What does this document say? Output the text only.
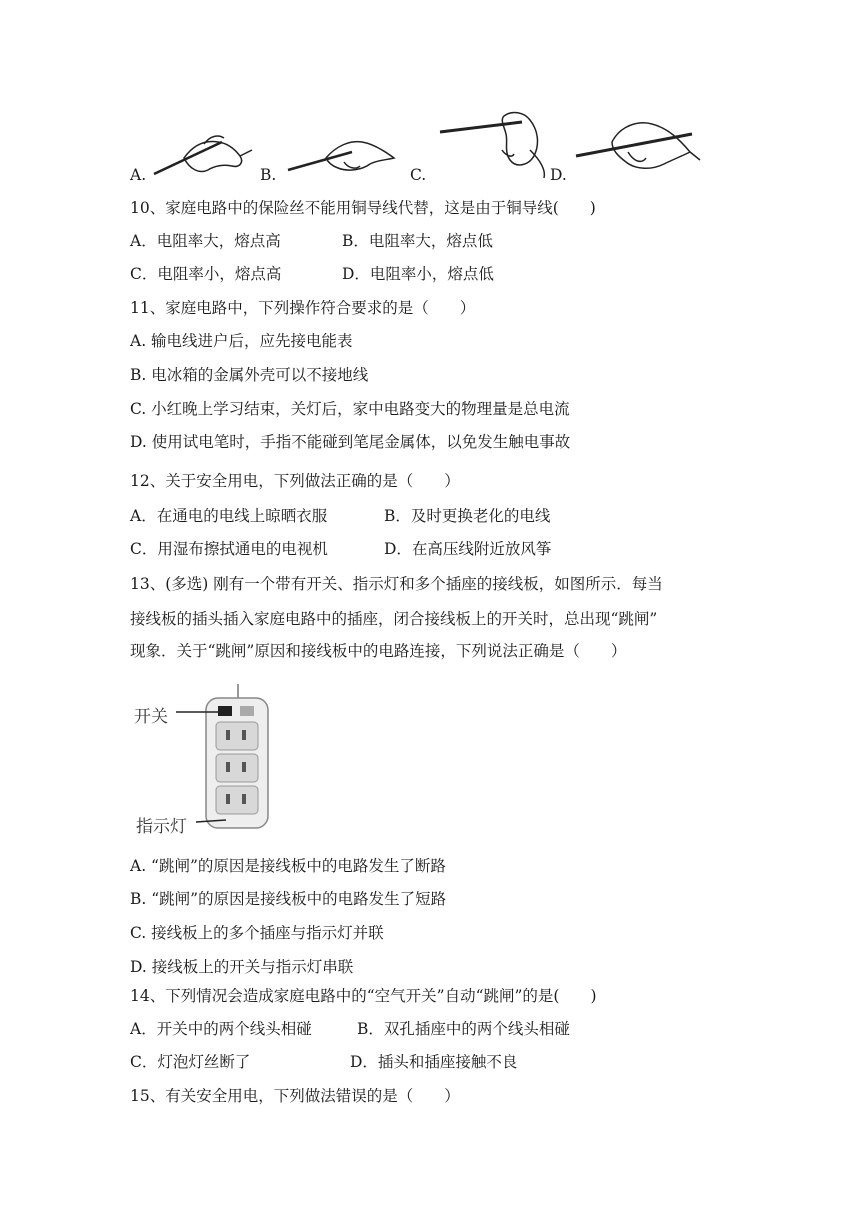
A.	B.	C.	D.
10、家庭电路中的保险丝不能用铜导线代替，这是由于铜导线(　　)
A．电阻率大，熔点高	B．电阻率大，熔点低
C．电阻率小，熔点高	D．电阻率小，熔点低
11、家庭电路中，下列操作符合要求的是（　　）
A. 输电线进户后，应先接电能表
B. 电冰箱的金属外壳可以不接地线
C. 小红晚上学习结束，关灯后，家中电路变大的物理量是总电流
D. 使用试电笔时，手指不能碰到笔尾金属体，以免发生触电事故
12、关于安全用电，下列做法正确的是（　　）
A．在通电的电线上晾晒衣服	B．及时更换老化的电线
C．用湿布擦拭通电的电视机	D．在高压线附近放风筝
13、(多选) 刚有一个带有开关、指示灯和多个插座的接线板，如图所示．每当
接线板的插头插入家庭电路中的插座，闭合接线板上的开关时，总出现“跳闸”
现象．关于“跳闸”原因和接线板中的电路连接，下列说法正确是（　　）
开关
指示灯
A. “跳闸”的原因是接线板中的电路发生了断路
B. “跳闸”的原因是接线板中的电路发生了短路
C. 接线板上的多个插座与指示灯并联
D. 接线板上的开关与指示灯串联
14、下列情况会造成家庭电路中的“空气开关”自动“跳闸”的是(　　)
A．开关中的两个线头相碰	B．双孔插座中的两个线头相碰
C．灯泡灯丝断了	D．插头和插座接触不良
15、有关安全用电，下列做法错误的是（　　）
